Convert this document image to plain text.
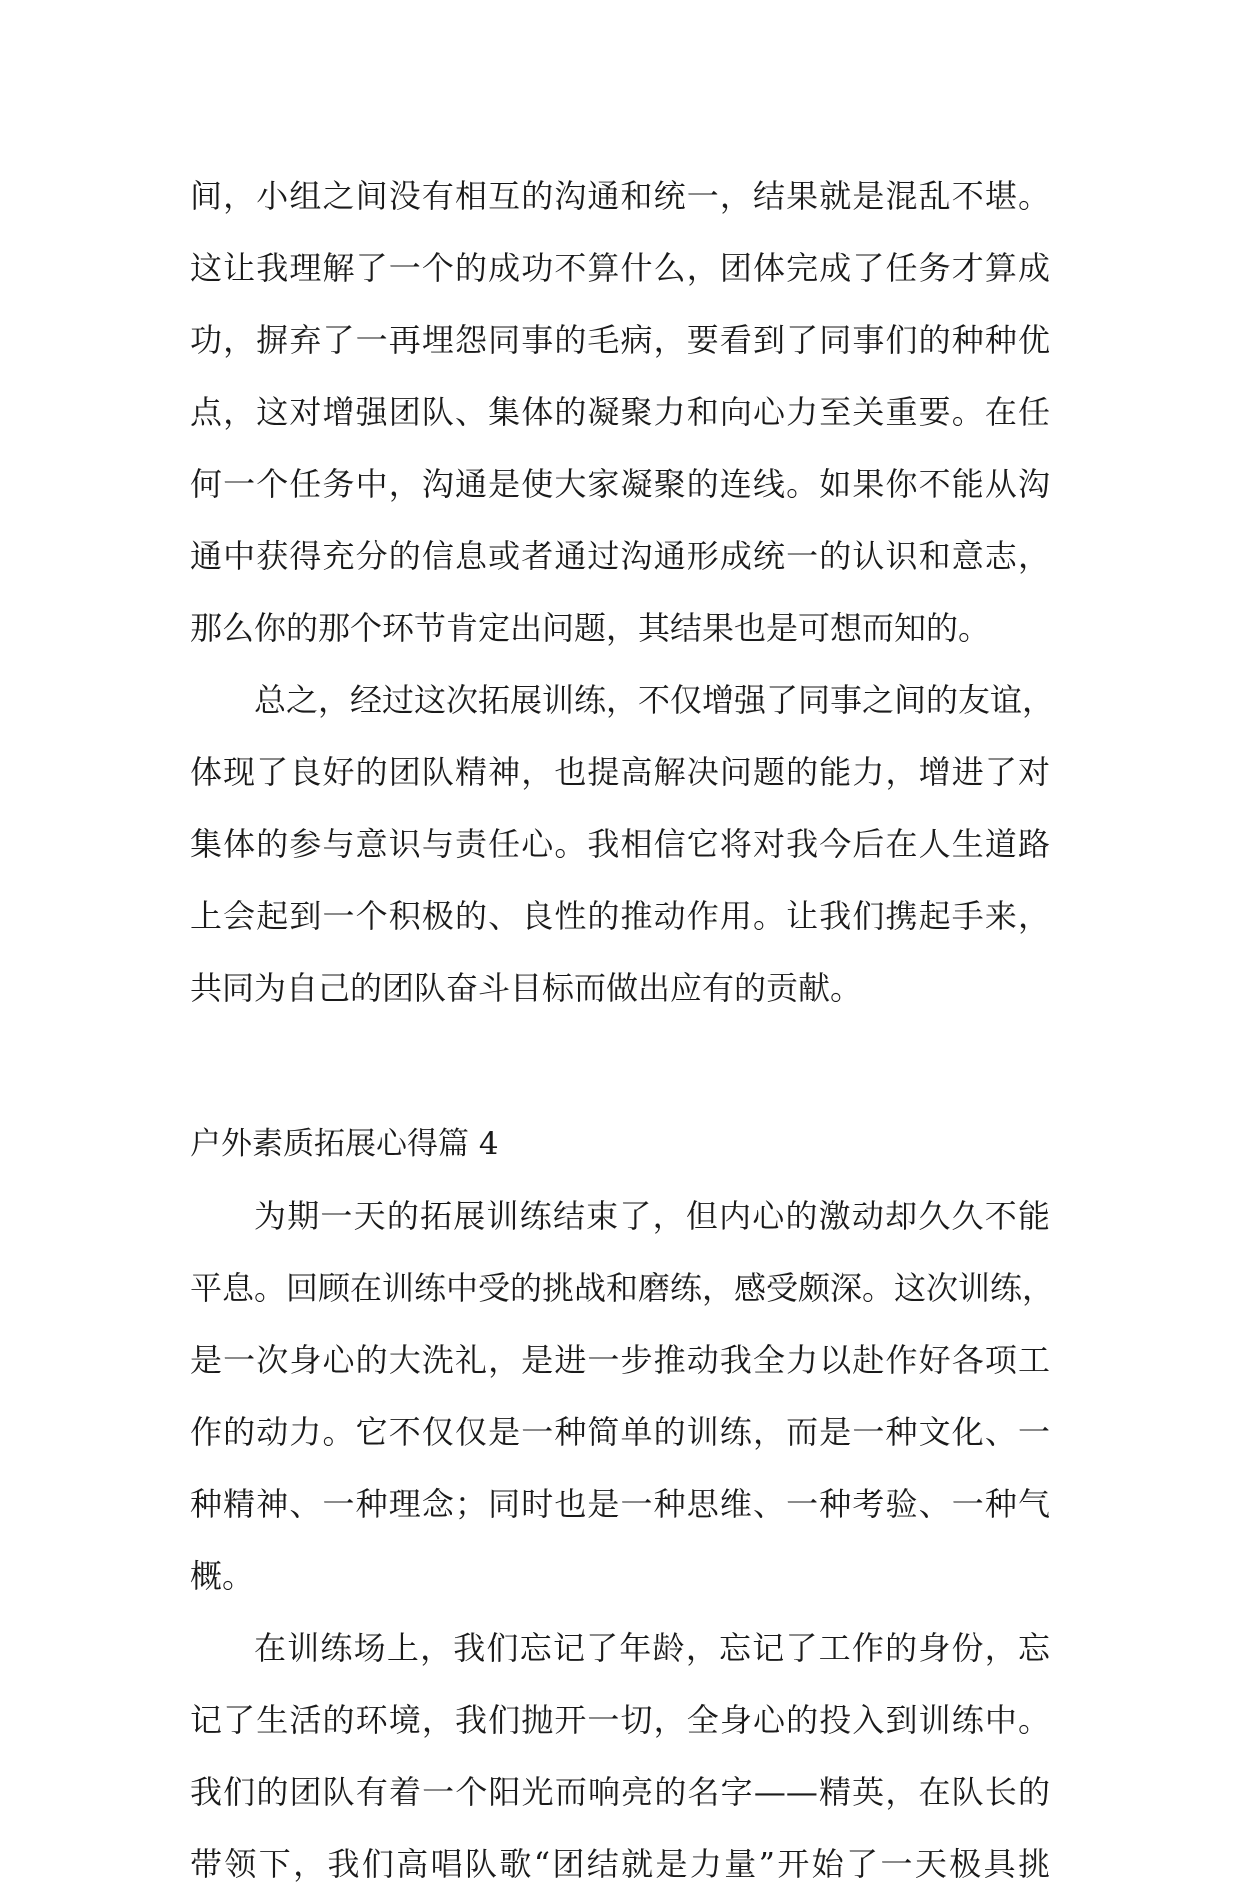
间，小组之间没有相互的沟通和统一，结果就是混乱不堪。
这让我理解了一个的成功不算什么，团体完成了任务才算成
功，摒弃了一再埋怨同事的毛病，要看到了同事们的种种优
点，这对增强团队、集体的凝聚力和向心力至关重要。在任
何一个任务中，沟通是使大家凝聚的连线。如果你不能从沟
通中获得充分的信息或者通过沟通形成统一的认识和意志，
那么你的那个环节肯定出问题，其结果也是可想而知的。
总之，经过这次拓展训练，不仅增强了同事之间的友谊，
体现了良好的团队精神，也提高解决问题的能力，增进了对
集体的参与意识与责任心。我相信它将对我今后在人生道路
上会起到一个积极的、良性的推动作用。让我们携起手来，
共同为自己的团队奋斗目标而做出应有的贡献。
户外素质拓展心得篇 4
为期一天的拓展训练结束了，但内心的激动却久久不能
平息。回顾在训练中受的挑战和磨练，感受颇深。这次训练，
是一次身心的大洗礼，是进一步推动我全力以赴作好各项工
作的动力。它不仅仅是一种简单的训练，而是一种文化、一
种精神、一种理念；同时也是一种思维、一种考验、一种气
概。
在训练场上，我们忘记了年龄，忘记了工作的身份，忘
记了生活的环境，我们抛开一切，全身心的投入到训练中。
我们的团队有着一个阳光而响亮的名字——精英，在队长的
带领下，我们高唱队歌“团结就是力量”开始了一天极具挑
